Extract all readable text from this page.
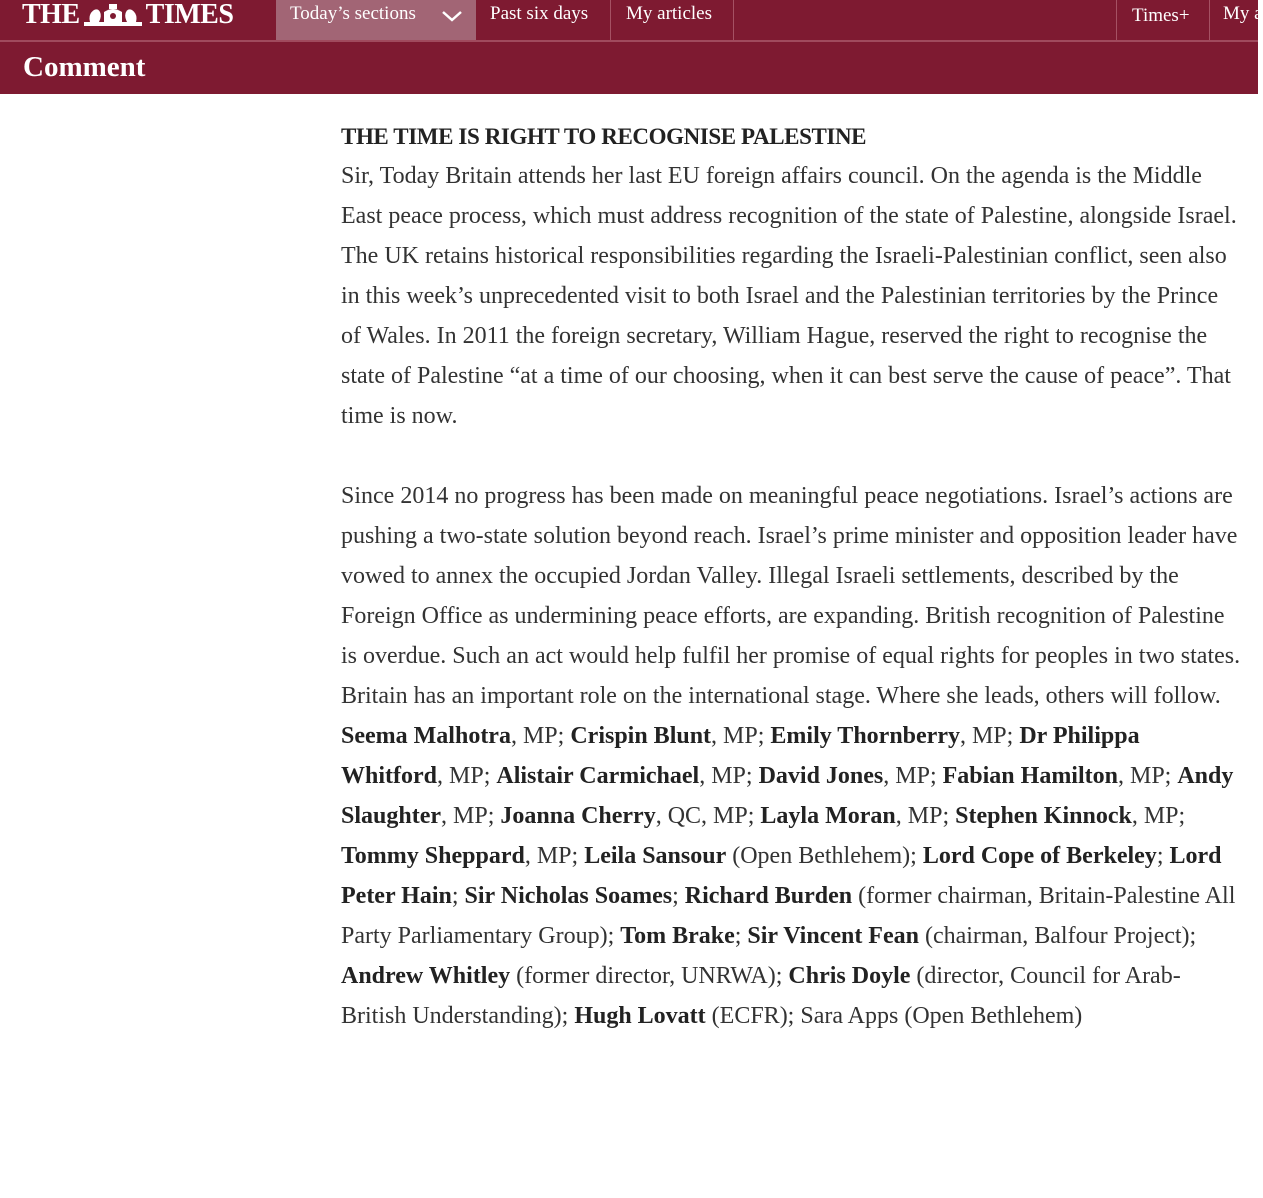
THE TIMES	Today’s sections	Past six days	My articles	Times+	My a
Comment
THE TIME IS RIGHT TO RECOGNISE PALESTINE

Sir, Today Britain attends her last EU foreign affairs council. On the agenda is the Middle East peace process, which must address recognition of the state of Palestine, alongside Israel. The UK retains historical responsibilities regarding the Israeli-Palestinian conflict, seen also in this week’s unprecedented visit to both Israel and the Palestinian territories by the Prince of Wales. In 2011 the foreign secretary, William Hague, reserved the right to recognise the state of Palestine “at a time of our choosing, when it can best serve the cause of peace”. That time is now.

Since 2014 no progress has been made on meaningful peace negotiations. Israel’s actions are pushing a two-state solution beyond reach. Israel’s prime minister and opposition leader have vowed to annex the occupied Jordan Valley. Illegal Israeli settlements, described by the Foreign Office as undermining peace efforts, are expanding. British recognition of Palestine is overdue. Such an act would help fulfil her promise of equal rights for peoples in two states. Britain has an important role on the international stage. Where she leads, others will follow.

Seema Malhotra, MP; Crispin Blunt, MP; Emily Thornberry, MP; Dr Philippa Whitford, MP; Alistair Carmichael, MP; David Jones, MP; Fabian Hamilton, MP; Andy Slaughter, MP; Joanna Cherry, QC, MP; Layla Moran, MP; Stephen Kinnock, MP; Tommy Sheppard, MP; Leila Sansour (Open Bethlehem); Lord Cope of Berkeley; Lord Peter Hain; Sir Nicholas Soames; Richard Burden (former chairman, Britain-Palestine All Party Parliamentary Group); Tom Brake; Sir Vincent Fean (chairman, Balfour Project); Andrew Whitley (former director, UNRWA); Chris Doyle (director, Council for Arab-British Understanding); Hugh Lovatt (ECFR); Sara Apps (Open Bethlehem)
